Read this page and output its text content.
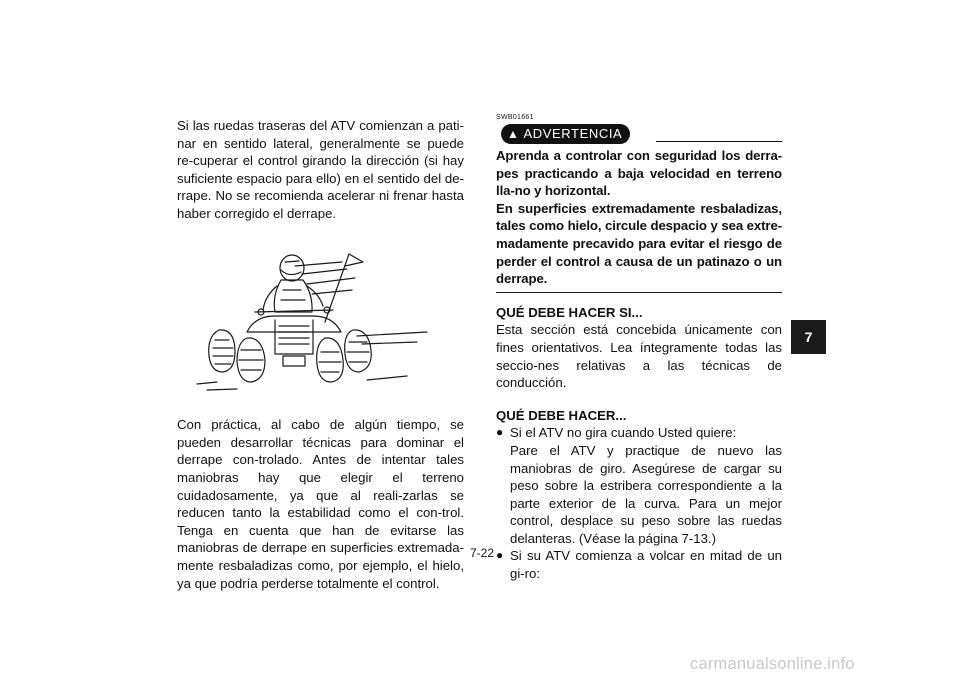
Si las ruedas traseras del ATV comienzan a pati-nar en sentido lateral, generalmente se puede re-cuperar el control girando la dirección (si hay suficiente espacio para ello) en el sentido del de-rrape. No se recomienda acelerar ni frenar hasta haber corregido el derrape.

Con práctica, al cabo de algún tiempo, se pueden desarrollar técnicas para dominar el derrape con-trolado. Antes de intentar tales maniobras hay que elegir el terreno cuidadosamente, ya que al reali-zarlas se reducen tanto la estabilidad como el con-trol. Tenga en cuenta que han de evitarse las maniobras de derrape en superficies extremada-mente resbaladizas como, por ejemplo, el hielo, ya que podría perderse totalmente el control.

SWB01661
▲ ADVERTENCIA

Aprenda a controlar con seguridad los derra-pes practicando a baja velocidad en terreno lla-no y horizontal.

En superficies extremadamente resbaladizas, tales como hielo, circule despacio y sea extre-madamente precavido para evitar el riesgo de perder el control a causa de un patinazo o un derrape.

QUÉ DEBE HACER SI...

Esta sección está concebida únicamente con fines orientativos. Lea íntegramente todas las seccio-nes relativas a las técnicas de conducción.

QUÉ DEBE HACER...
● Si el ATV no gira cuando Usted quiere:

Pare el ATV y practique de nuevo las maniobras de giro. Asegúrese de cargar su peso sobre la estribera correspondiente a la parte exterior de la curva. Para un mejor control, desplace su peso sobre las ruedas delanteras. (Véase la página 7-13.)

● Si su ATV comienza a volcar en mitad de un gi-ro:

7-22
7
carmanualsonline.info
